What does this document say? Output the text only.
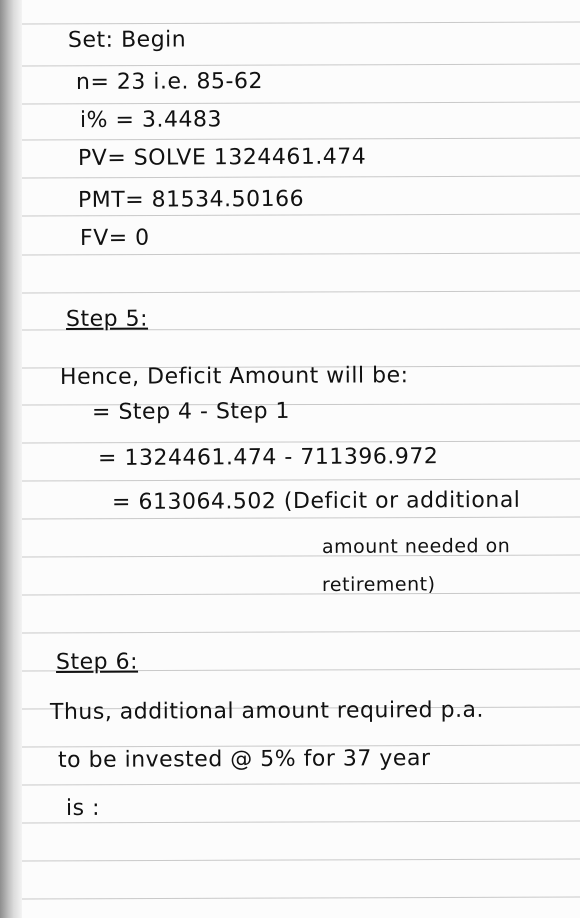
Set: Begin
n= 23 i.e. 85-62
i% = 3.4483
PV= SOLVE 1324461.474
PMT= 81534.50166
FV= 0
Step 5:
Hence, Deficit Amount will be:
= Step 4 - Step 1
= 1324461.474 - 711396.972
= 613064.502 (Deficit or additional
amount needed on
retirement)
Step 6:
Thus, additional amount required p.a.
to be invested @ 5% for 37 year
is :
